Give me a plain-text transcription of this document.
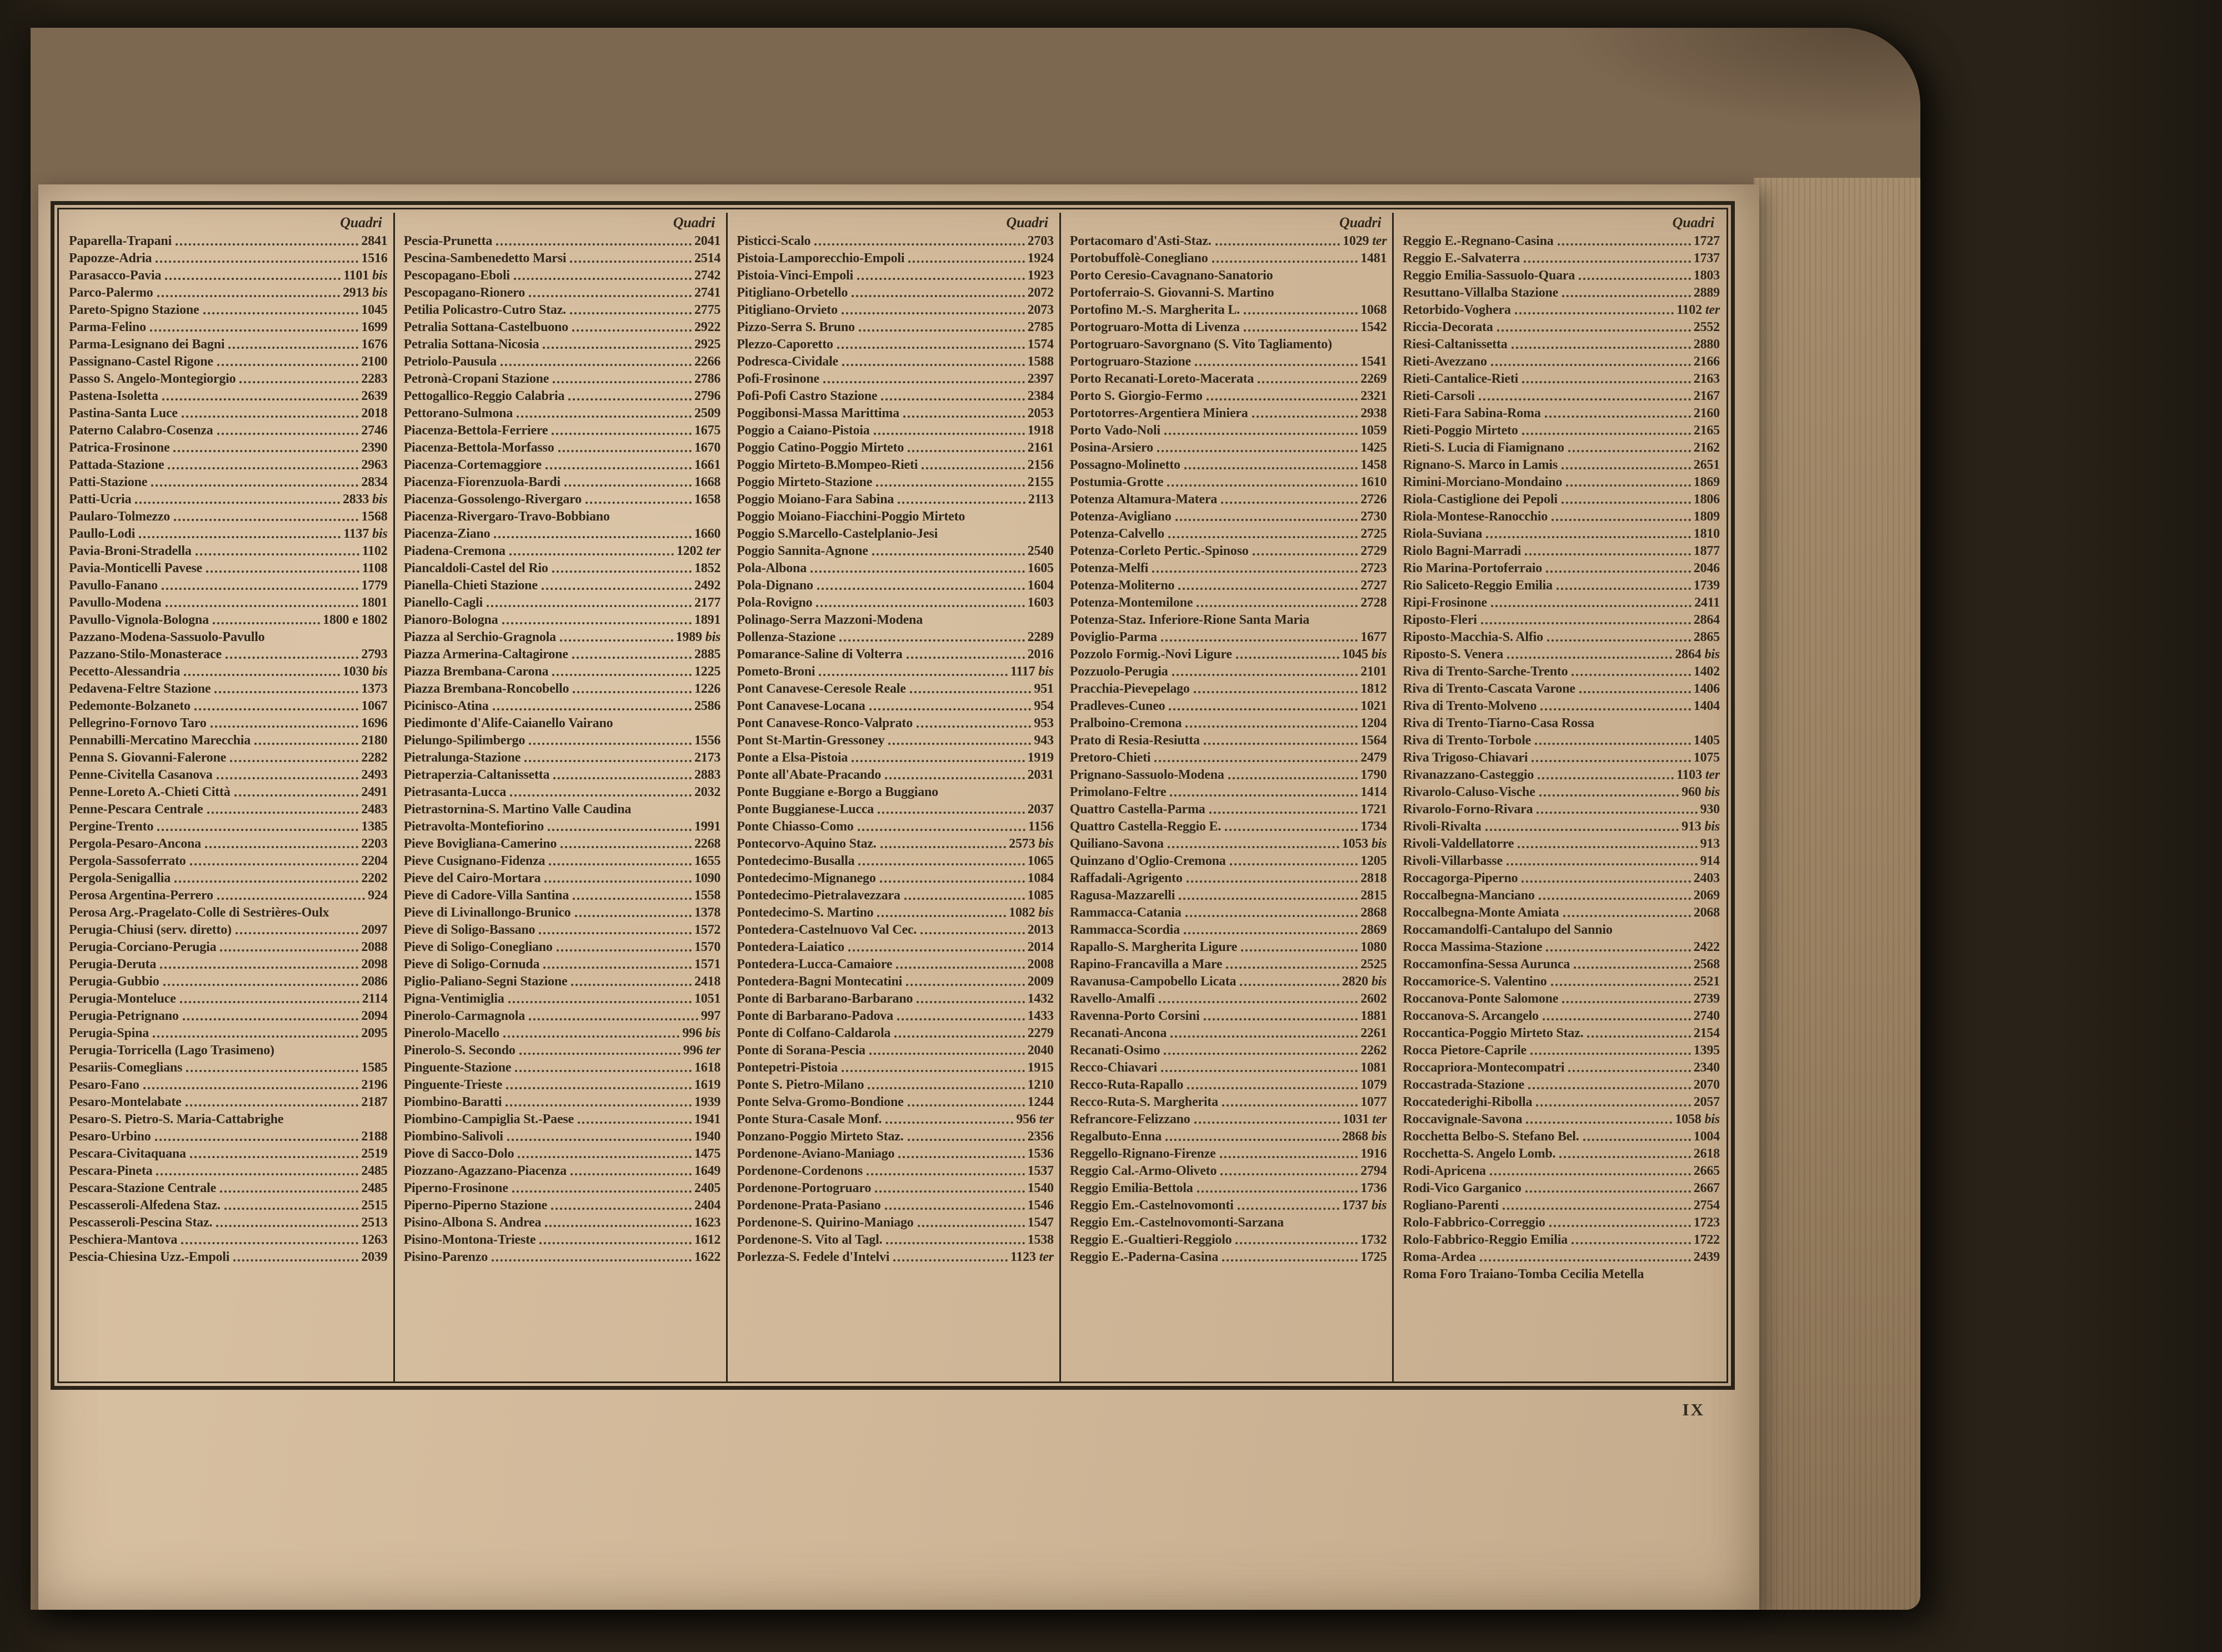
Quadri
Paparella-Trapani	2841
Papozze-Adria	1516
Parasacco-Pavia	1101 bis
Parco-Palermo	2913 bis
Pareto-Spigno Stazione	1045
Parma-Felino	1699
Parma-Lesignano dei Bagni	1676
Passignano-Castel Rigone	2100
Passo S. Angelo-Montegiorgio	2283
Pastena-Isoletta	2639
Pastina-Santa Luce	2018
Paterno Calabro-Cosenza	2746
Patrica-Frosinone	2390
Pattada-Stazione	2963
Patti-Stazione	2834
Patti-Ucria	2833 bis
Paularo-Tolmezzo	1568
Paullo-Lodi	1137 bis
Pavia-Broni-Stradella	1102
Pavia-Monticelli Pavese	1108
Pavullo-Fanano	1779
Pavullo-Modena	1801
Pavullo-Vignola-Bologna	1800 e 1802
Pazzano-Modena-Sassuolo-Pavullo
Pazzano-Stilo-Monasterace	2793
Pecetto-Alessandria	1030 bis
Pedavena-Feltre Stazione	1373
Pedemonte-Bolzaneto	1067
Pellegrino-Fornovo Taro	1696
Pennabilli-Mercatino Marecchia	2180
Penna S. Giovanni-Falerone	2282
Penne-Civitella Casanova	2493
Penne-Loreto A.-Chieti Città	2491
Penne-Pescara Centrale	2483
Pergine-Trento	1385
Pergola-Pesaro-Ancona	2203
Pergola-Sassoferrato	2204
Pergola-Senigallia	2202
Perosa Argentina-Perrero	924
Perosa Arg.-Pragelato-Colle di Sestrières-Oulx
Perugia-Chiusi (serv. diretto)	2097
Perugia-Corciano-Perugia	2088
Perugia-Deruta	2098
Perugia-Gubbio	2086
Perugia-Monteluce	2114
Perugia-Petrignano	2094
Perugia-Spina	2095
Perugia-Torricella (Lago Trasimeno)
Pesariis-Comeglians	1585
Pesaro-Fano	2196
Pesaro-Montelabate	2187
Pesaro-S. Pietro-S. Maria-Cattabrighe
Pesaro-Urbino	2188
Pescara-Civitaquana	2519
Pescara-Pineta	2485
Pescara-Stazione Centrale	2485
Pescasseroli-Alfedena Staz.	2515
Pescasseroli-Pescina Staz.	2513
Peschiera-Mantova	1263
Pescia-Chiesina Uzz.-Empoli	2039
Quadri
Pescia-Prunetta	2041
Pescina-Sambenedetto Marsi	2514
Pescopagano-Eboli	2742
Pescopagano-Rionero	2741
Petilia Policastro-Cutro Staz.	2775
Petralia Sottana-Castelbuono	2922
Petralia Sottana-Nicosia	2925
Petriolo-Pausula	2266
Petronà-Cropani Stazione	2786
Pettogallico-Reggio Calabria	2796
Pettorano-Sulmona	2509
Piacenza-Bettola-Ferriere	1675
Piacenza-Bettola-Morfasso	1670
Piacenza-Cortemaggiore	1661
Piacenza-Fiorenzuola-Bardi	1668
Piacenza-Gossolengo-Rivergaro	1658
Piacenza-Rivergaro-Travo-Bobbiano
Piacenza-Ziano	1660
Piadena-Cremona	1202 ter
Piancaldoli-Castel del Rio	1852
Pianella-Chieti Stazione	2492
Pianello-Cagli	2177
Pianoro-Bologna	1891
Piazza al Serchio-Gragnola	1989 bis
Piazza Armerina-Caltagirone	2885
Piazza Brembana-Carona	1225
Piazza Brembana-Roncobello	1226
Picinisco-Atina	2586
Piedimonte d'Alife-Caianello Vairano
Pielungo-Spilimbergo	1556
Pietralunga-Stazione	2173
Pietraperzia-Caltanissetta	2883
Pietrasanta-Lucca	2032
Pietrastornina-S. Martino Valle Caudina
Pietravolta-Montefiorino	1991
Pieve Bovigliana-Camerino	2268
Pieve Cusignano-Fidenza	1655
Pieve del Cairo-Mortara	1090
Pieve di Cadore-Villa Santina	1558
Pieve di Livinallongo-Brunico	1378
Pieve di Soligo-Bassano	1572
Pieve di Soligo-Conegliano	1570
Pieve di Soligo-Cornuda	1571
Piglio-Paliano-Segni Stazione	2418
Pigna-Ventimiglia	1051
Pinerolo-Carmagnola	997
Pinerolo-Macello	996 bis
Pinerolo-S. Secondo	996 ter
Pinguente-Stazione	1618
Pinguente-Trieste	1619
Piombino-Baratti	1939
Piombino-Campiglia St.-Paese	1941
Piombino-Salivoli	1940
Piove di Sacco-Dolo	1475
Piozzano-Agazzano-Piacenza	1649
Piperno-Frosinone	2405
Piperno-Piperno Stazione	2404
Pisino-Albona S. Andrea	1623
Pisino-Montona-Trieste	1612
Pisino-Parenzo	1622
Quadri
Pisticci-Scalo	2703
Pistoia-Lamporecchio-Empoli	1924
Pistoia-Vinci-Empoli	1923
Pitigliano-Orbetello	2072
Pitigliano-Orvieto	2073
Pizzo-Serra S. Bruno	2785
Plezzo-Caporetto	1574
Podresca-Cividale	1588
Pofi-Frosinone	2397
Pofi-Pofi Castro Stazione	2384
Poggibonsi-Massa Marittima	2053
Poggio a Caiano-Pistoia	1918
Poggio Catino-Poggio Mirteto	2161
Poggio Mirteto-B.Mompeo-Rieti	2156
Poggio Mirteto-Stazione	2155
Poggio Moiano-Fara Sabina	2113
Poggio Moiano-Fiacchini-Poggio Mirteto
Poggio S.Marcello-Castelplanio-Jesi
Poggio Sannita-Agnone	2540
Pola-Albona	1605
Pola-Dignano	1604
Pola-Rovigno	1603
Polinago-Serra Mazzoni-Modena
Pollenza-Stazione	2289
Pomarance-Saline di Volterra	2016
Pometo-Broni	1117 bis
Pont Canavese-Ceresole Reale	951
Pont Canavese-Locana	954
Pont Canavese-Ronco-Valprato	953
Pont St-Martin-Gressoney	943
Ponte a Elsa-Pistoia	1919
Ponte all'Abate-Pracando	2031
Ponte Buggiane e-Borgo a Buggiano
Ponte Buggianese-Lucca	2037
Ponte Chiasso-Como	1156
Pontecorvo-Aquino Staz.	2573 bis
Pontedecimo-Busalla	1065
Pontedecimo-Mignanego	1084
Pontedecimo-Pietralavezzara	1085
Pontedecimo-S. Martino	1082 bis
Pontedera-Castelnuovo Val Cec.	2013
Pontedera-Laiatico	2014
Pontedera-Lucca-Camaiore	2008
Pontedera-Bagni Montecatini	2009
Ponte di Barbarano-Barbarano	1432
Ponte di Barbarano-Padova	1433
Ponte di Colfano-Caldarola	2279
Ponte di Sorana-Pescia	2040
Pontepetri-Pistoia	1915
Ponte S. Pietro-Milano	1210
Ponte Selva-Gromo-Bondione	1244
Ponte Stura-Casale Monf.	956 ter
Ponzano-Poggio Mirteto Staz.	2356
Pordenone-Aviano-Maniago	1536
Pordenone-Cordenons	1537
Pordenone-Portogruaro	1540
Pordenone-Prata-Pasiano	1546
Pordenone-S. Quirino-Maniago	1547
Pordenone-S. Vito al Tagl.	1538
Porlezza-S. Fedele d'Intelvi	1123 ter
Quadri
Portacomaro d'Asti-Staz.	1029 ter
Portobuffolè-Conegliano	1481
Porto Ceresio-Cavagnano-Sanatorio
Portoferraio-S. Giovanni-S. Martino
Portofino M.-S. Margherita L.	1068
Portogruaro-Motta di Livenza	1542
Portogruaro-Savorgnano (S. Vito Tagliamento)
Portogruaro-Stazione	1541
Porto Recanati-Loreto-Macerata	2269
Porto S. Giorgio-Fermo	2321
Portotorres-Argentiera Miniera	2938
Porto Vado-Noli	1059
Posina-Arsiero	1425
Possagno-Molinetto	1458
Postumia-Grotte	1610
Potenza Altamura-Matera	2726
Potenza-Avigliano	2730
Potenza-Calvello	2725
Potenza-Corleto Pertic.-Spinoso	2729
Potenza-Melfi	2723
Potenza-Moliterno	2727
Potenza-Montemilone	2728
Potenza-Staz. Inferiore-Rione Santa Maria
Poviglio-Parma	1677
Pozzolo Formig.-Novi Ligure	1045 bis
Pozzuolo-Perugia	2101
Pracchia-Pievepelago	1812
Pradleves-Cuneo	1021
Pralboino-Cremona	1204
Prato di Resia-Resiutta	1564
Pretoro-Chieti	2479
Prignano-Sassuolo-Modena	1790
Primolano-Feltre	1414
Quattro Castella-Parma	1721
Quattro Castella-Reggio E.	1734
Quiliano-Savona	1053 bis
Quinzano d'Oglio-Cremona	1205
Raffadali-Agrigento	2818
Ragusa-Mazzarelli	2815
Rammacca-Catania	2868
Rammacca-Scordia	2869
Rapallo-S. Margherita Ligure	1080
Rapino-Francavilla a Mare	2525
Ravanusa-Campobello Licata	2820 bis
Ravello-Amalfi	2602
Ravenna-Porto Corsini	1881
Recanati-Ancona	2261
Recanati-Osimo	2262
Recco-Chiavari	1081
Recco-Ruta-Rapallo	1079
Recco-Ruta-S. Margherita	1077
Refrancore-Felizzano	1031 ter
Regalbuto-Enna	2868 bis
Reggello-Rignano-Firenze	1916
Reggio Cal.-Armo-Oliveto	2794
Reggio Emilia-Bettola	1736
Reggio Em.-Castelnovomonti	1737 bis
Reggio Em.-Castelnovomonti-Sarzana
Reggio E.-Gualtieri-Reggiolo	1732
Reggio E.-Paderna-Casina	1725
Quadri
Reggio E.-Regnano-Casina	1727
Reggio E.-Salvaterra	1737
Reggio Emilia-Sassuolo-Quara	1803
Resuttano-Villalba Stazione	2889
Retorbido-Voghera	1102 ter
Riccia-Decorata	2552
Riesi-Caltanissetta	2880
Rieti-Avezzano	2166
Rieti-Cantalice-Rieti	2163
Rieti-Carsoli	2167
Rieti-Fara Sabina-Roma	2160
Rieti-Poggio Mirteto	2165
Rieti-S. Lucia di Fiamignano	2162
Rignano-S. Marco in Lamis	2651
Rimini-Morciano-Mondaino	1869
Riola-Castiglione dei Pepoli	1806
Riola-Montese-Ranocchio	1809
Riola-Suviana	1810
Riolo Bagni-Marradi	1877
Rio Marina-Portoferraio	2046
Rio Saliceto-Reggio Emilia	1739
Ripi-Frosinone	2411
Riposto-Fleri	2864
Riposto-Macchia-S. Alfio	2865
Riposto-S. Venera	2864 bis
Riva di Trento-Sarche-Trento	1402
Riva di Trento-Cascata Varone	1406
Riva di Trento-Molveno	1404
Riva di Trento-Tiarno-Casa Rossa
Riva di Trento-Torbole	1405
Riva Trigoso-Chiavari	1075
Rivanazzano-Casteggio	1103 ter
Rivarolo-Caluso-Vische	960 bis
Rivarolo-Forno-Rivara	930
Rivoli-Rivalta	913 bis
Rivoli-Valdellatorre	913
Rivoli-Villarbasse	914
Roccagorga-Piperno	2403
Roccalbegna-Manciano	2069
Roccalbegna-Monte Amiata	2068
Roccamandolfi-Cantalupo del Sannio
Rocca Massima-Stazione	2422
Roccamonfina-Sessa Aurunca	2568
Roccamorice-S. Valentino	2521
Roccanova-Ponte Salomone	2739
Roccanova-S. Arcangelo	2740
Roccantica-Poggio Mirteto Staz.	2154
Rocca Pietore-Caprile	1395
Roccapriora-Montecompatri	2340
Roccastrada-Stazione	2070
Roccatederighi-Ribolla	2057
Roccavignale-Savona	1058 bis
Rocchetta Belbo-S. Stefano Bel.	1004
Rocchetta-S. Angelo Lomb.	2618
Rodi-Apricena	2665
Rodi-Vico Garganico	2667
Rogliano-Parenti	2754
Rolo-Fabbrico-Correggio	1723
Rolo-Fabbrico-Reggio Emilia	1722
Roma-Ardea	2439
Roma Foro Traiano-Tomba Cecilia Metella
IX
